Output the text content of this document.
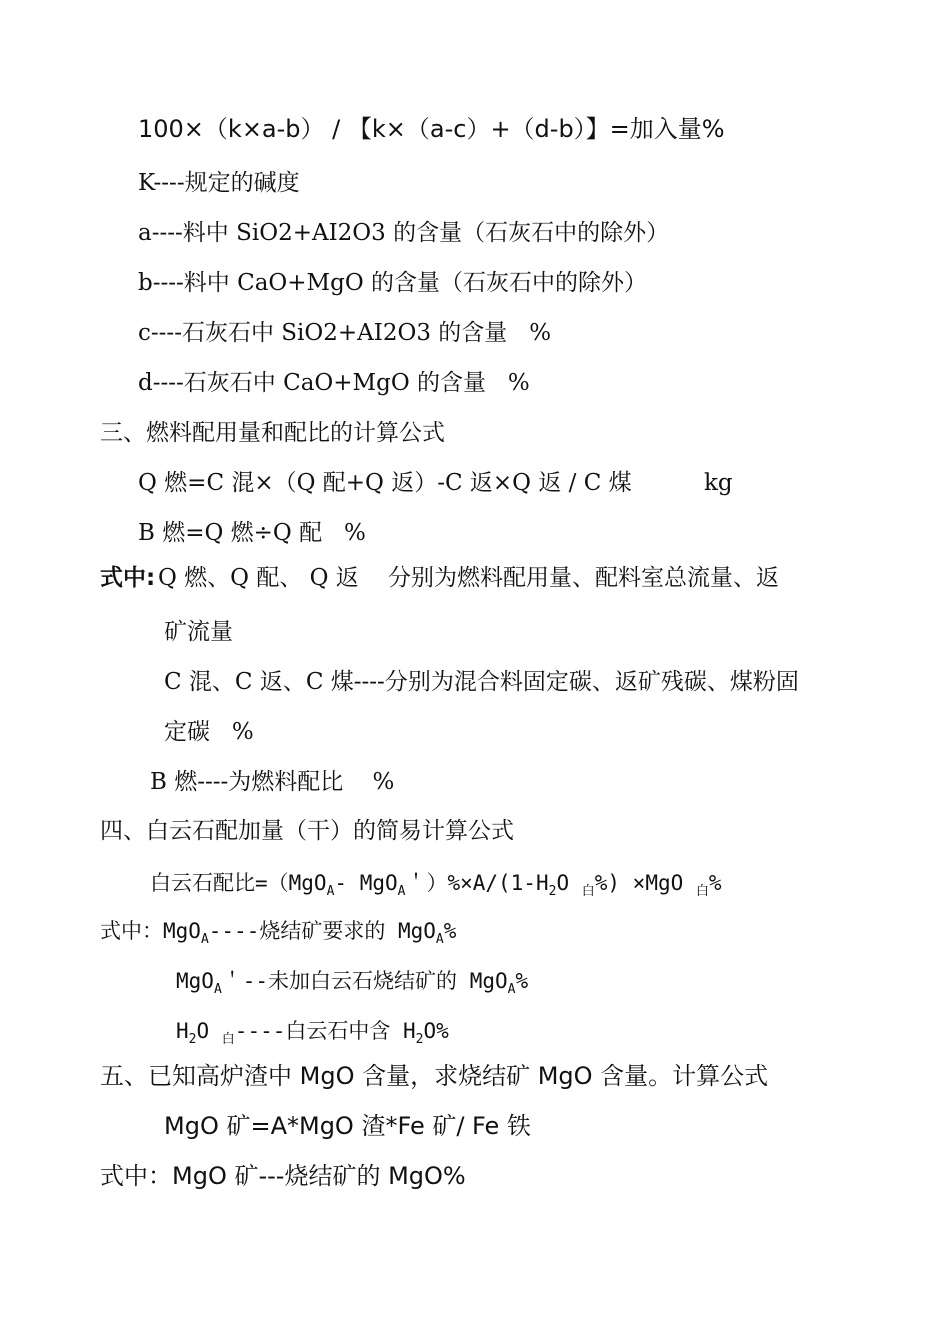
100×（k×a-b） / 【k×（a-c）+（d-b）】=加入量%
K----规定的碱度
a----料中 SiO2+AI2O3 的含量（石灰石中的除外）
b----料中 CaO+MgO 的含量（石灰石中的除外）
c----石灰石中 SiO2+AI2O3 的含量   %
d----石灰石中 CaO+MgO 的含量   %
三、燃料配用量和配比的计算公式
Q 燃=C 混×（Q 配+Q 返）-C 返×Q 返 / C 煤	kg
B 燃=Q 燃÷Q 配   %
式中: Q 燃、Q 配、 Q 返    分别为燃料配用量、配料室总流量、返
矿流量
C 混、C 返、C 煤----分别为混合料固定碳、返矿残碳、煤粉固
定碳   %
B 燃----为燃料配比    %
四、白云石配加量（干）的简易计算公式
白云石配比=（MgO$_A$- MgO$_A$＇）$\%\times A/(1-H_2O$ $_白$%) ×MgO $_白$%
式中：MgO$_A$----烧结矿要求的 MgO$_A$%
MgO$_A$＇--未加白云石烧结矿的 MgO$_A$%
$H_2O$ $_白$----白云石中含 $H_2O\%$
五、已知高炉渣中 MgO 含量，求烧结矿 MgO 含量。计算公式
MgO 矿=A*MgO 渣*Fe 矿/ Fe 铁
式中：MgO 矿---烧结矿的 MgO%
